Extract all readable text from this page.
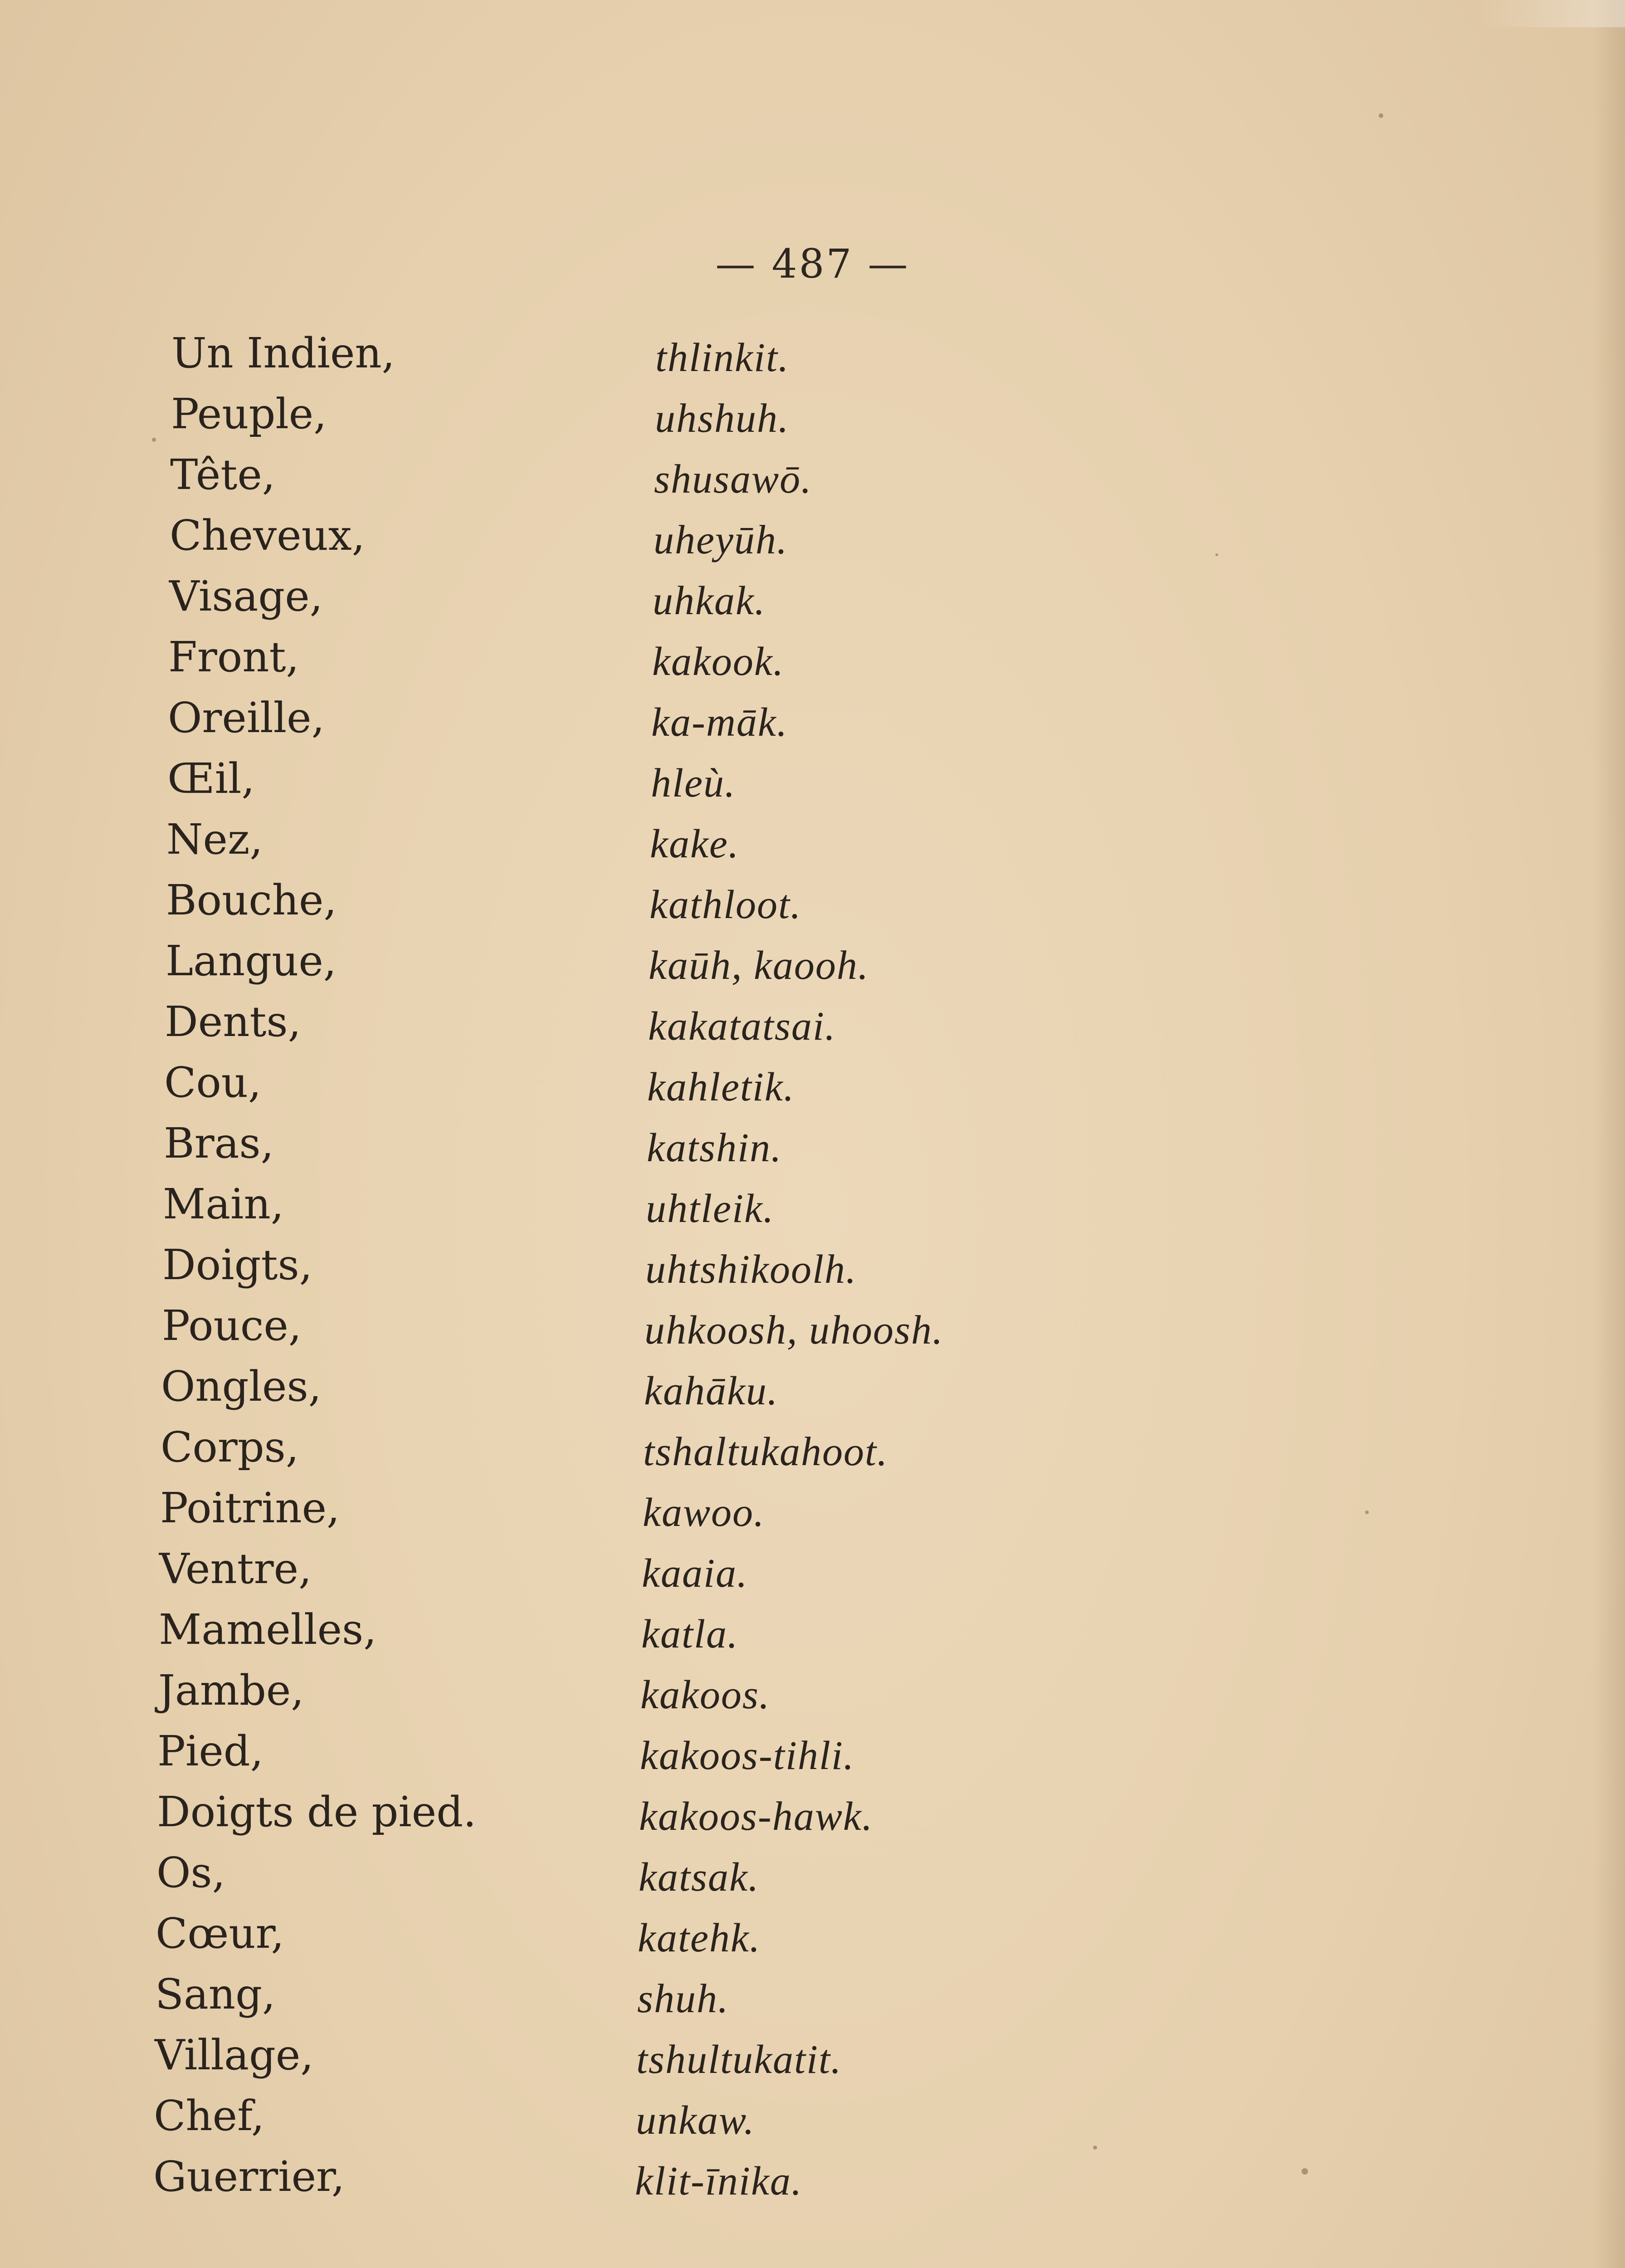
— 487 —
Un Indien,	thlinkit.
Peuple,	uhshuh.
Tête,	shusawō.
Cheveux,	uheyūh.
Visage,	uhkak.
Front,	kakook.
Oreille,	ka-māk.
Œil,	hleù.
Nez,	kake.
Bouche,	kathloot.
Langue,	kaūh, kaooh.
Dents,	kakatatsai.
Cou,	kahletik.
Bras,	katshin.
Main,	uhtleik.
Doigts,	uhtshikoolh.
Pouce,	uhkoosh, uhoosh.
Ongles,	kahāku.
Corps,	tshaltukahoot.
Poitrine,	kawoo.
Ventre,	kaaia.
Mamelles,	katla.
Jambe,	kakoos.
Pied,	kakoos-tihli.
Doigts de pied.	kakoos-hawk.
Os,	katsak.
Cœur,	katehk.
Sang,	shuh.
Village,	tshultukatit.
Chef,	unkaw.
Guerrier,	klit-īnika.
